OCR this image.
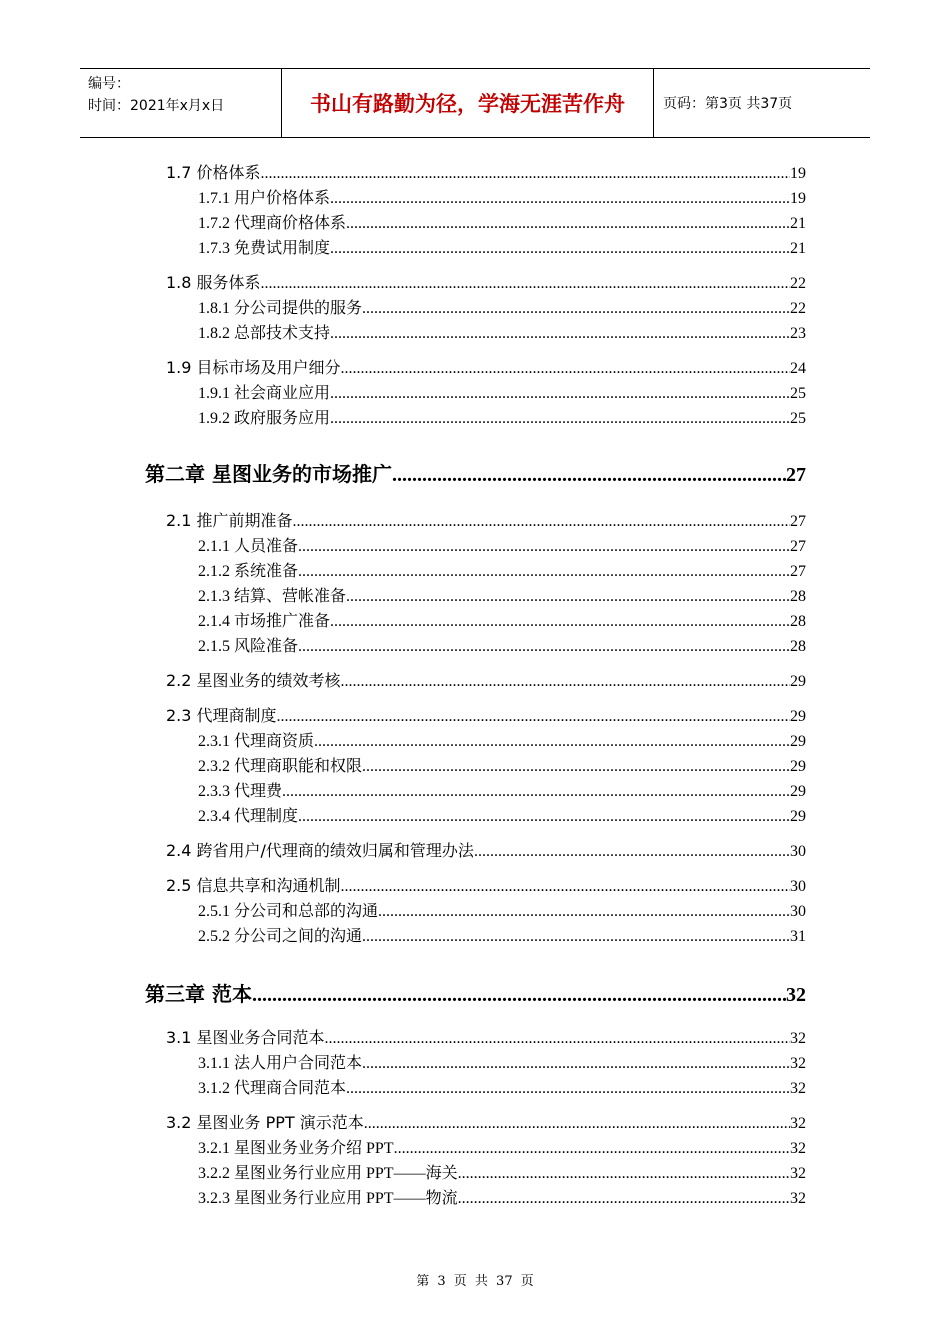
编号：
时间：2021年x月x日	书山有路勤为径，学海无涯苦作舟	页码：第3页 共37页
1.7 价格体系 .....	19
1.7.1 用户价格体系 .....	19
1.7.2 代理商价格体系 .....	21
1.7.3 免费试用制度 .....	21
1.8 服务体系 .....	22
1.8.1 分公司提供的服务 .....	22
1.8.2 总部技术支持 .....	23
1.9 目标市场及用户细分 .....	24
1.9.1 社会商业应用 .....	25
1.9.2 政府服务应用 .....	25
第二章 星图业务的市场推广 .....	27
2.1 推广前期准备 .....	27
2.1.1 人员准备 .....	27
2.1.2 系统准备 .....	27
2.1.3 结算、营帐准备 .....	28
2.1.4 市场推广准备 .....	28
2.1.5 风险准备 .....	28
2.2 星图业务的绩效考核 .....	29
2.3 代理商制度 .....	29
2.3.1 代理商资质 .....	29
2.3.2 代理商职能和权限 .....	29
2.3.3 代理费 .....	29
2.3.4 代理制度 .....	29
2.4 跨省用户/代理商的绩效归属和管理办法 .....	30
2.5 信息共享和沟通机制 .....	30
2.5.1 分公司和总部的沟通 .....	30
2.5.2 分公司之间的沟通 .....	31
第三章 范本 .....	32
3.1 星图业务合同范本 .....	32
3.1.1 法人用户合同范本 .....	32
3.1.2 代理商合同范本 .....	32
3.2 星图业务 PPT 演示范本 .....	32
3.2.1 星图业务业务介绍 PPT .....	32
3.2.2 星图业务行业应用 PPT——海关 .....	32
3.2.3 星图业务行业应用 PPT——物流 .....	32
第 3 页 共 37 页
